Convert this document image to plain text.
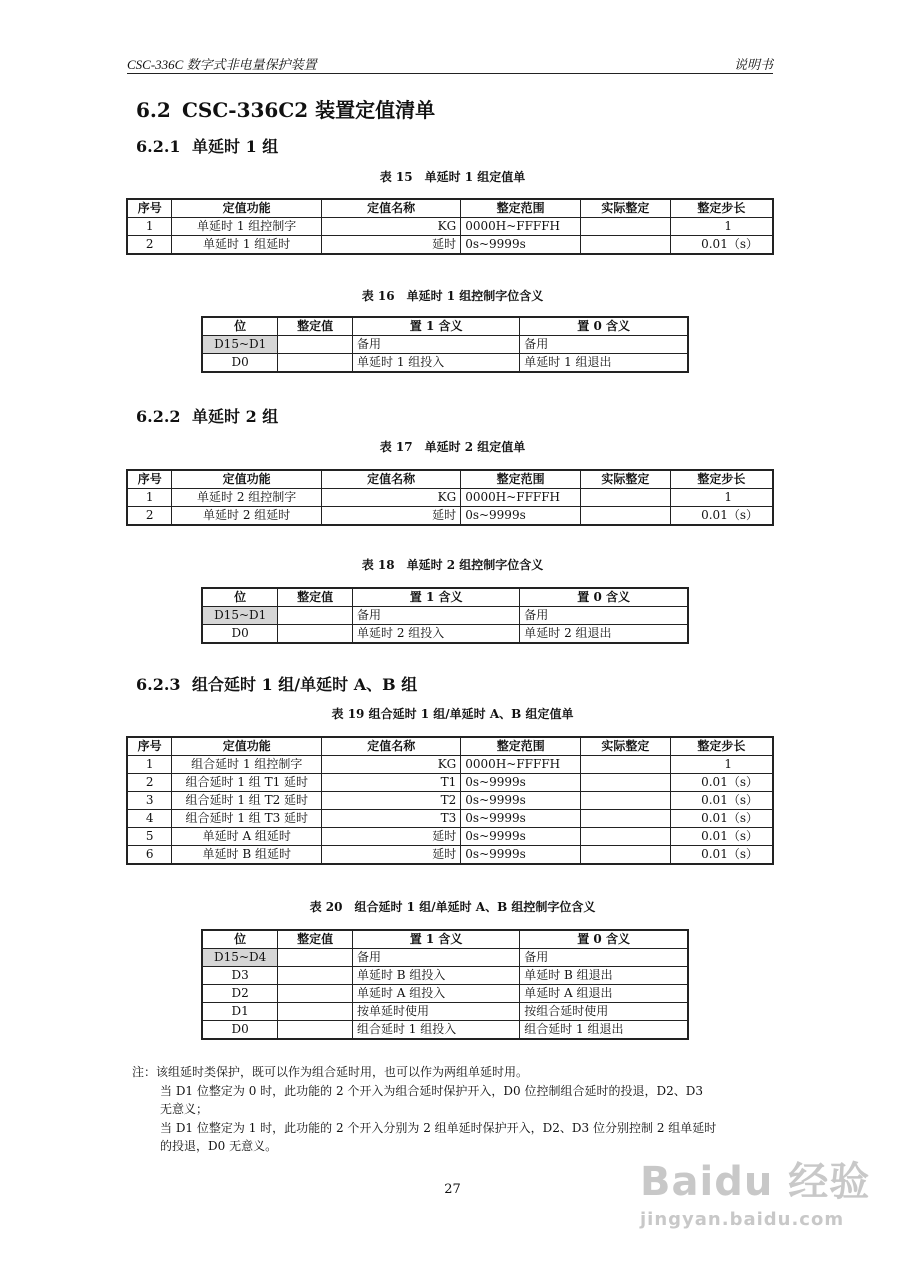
CSC-336C 数字式非电量保护装置	说明书
6.2 CSC-336C2 装置定值清单
6.2.1 单延时 1 组
表 15　单延时 1 组定值单
序号	定值功能	定值名称	整定范围	实际整定	整定步长
1	单延时 1 组控制字	KG	0000H~FFFFH		1
2	单延时 1 组延时	延时	0s~9999s		0.01（s）
表 16　单延时 1 组控制字位含义
位	整定值	置 1 含义	置 0 含义
D15~D1		备用	备用
D0		单延时 1 组投入	单延时 1 组退出
6.2.2 单延时 2 组
表 17　单延时 2 组定值单
序号	定值功能	定值名称	整定范围	实际整定	整定步长
1	单延时 2 组控制字	KG	0000H~FFFFH		1
2	单延时 2 组延时	延时	0s~9999s		0.01（s）
表 18　单延时 2 组控制字位含义
位	整定值	置 1 含义	置 0 含义
D15~D1		备用	备用
D0		单延时 2 组投入	单延时 2 组退出
6.2.3 组合延时 1 组/单延时 A、B 组
表 19 组合延时 1 组/单延时 A、B 组定值单
序号	定值功能	定值名称	整定范围	实际整定	整定步长
1	组合延时 1 组控制字	KG	0000H~FFFFH		1
2	组合延时 1 组 T1 延时	T1	0s~9999s		0.01（s）
3	组合延时 1 组 T2 延时	T2	0s~9999s		0.01（s）
4	组合延时 1 组 T3 延时	T3	0s~9999s		0.01（s）
5	单延时 A 组延时	延时	0s~9999s		0.01（s）
6	单延时 B 组延时	延时	0s~9999s		0.01（s）
表 20　组合延时 1 组/单延时 A、B 组控制字位含义
位	整定值	置 1 含义	置 0 含义
D15~D4		备用	备用
D3		单延时 B 组投入	单延时 B 组退出
D2		单延时 A 组投入	单延时 A 组退出
D1		按单延时使用	按组合延时使用
D0		组合延时 1 组投入	组合延时 1 组退出

注：该组延时类保护，既可以作为组合延时用，也可以作为两组单延时用。

当 D1 位整定为 0 时，此功能的 2 个开入为组合延时保护开入，D0 位控制组合延时的投退，D2、D3

无意义；

当 D1 位整定为 1 时，此功能的 2 个开入分别为 2 组单延时保护开入，D2、D3 位分别控制 2 组单延时

的投退，D0 无意义。

27	Baidu 经验
jingyan.baidu.com
